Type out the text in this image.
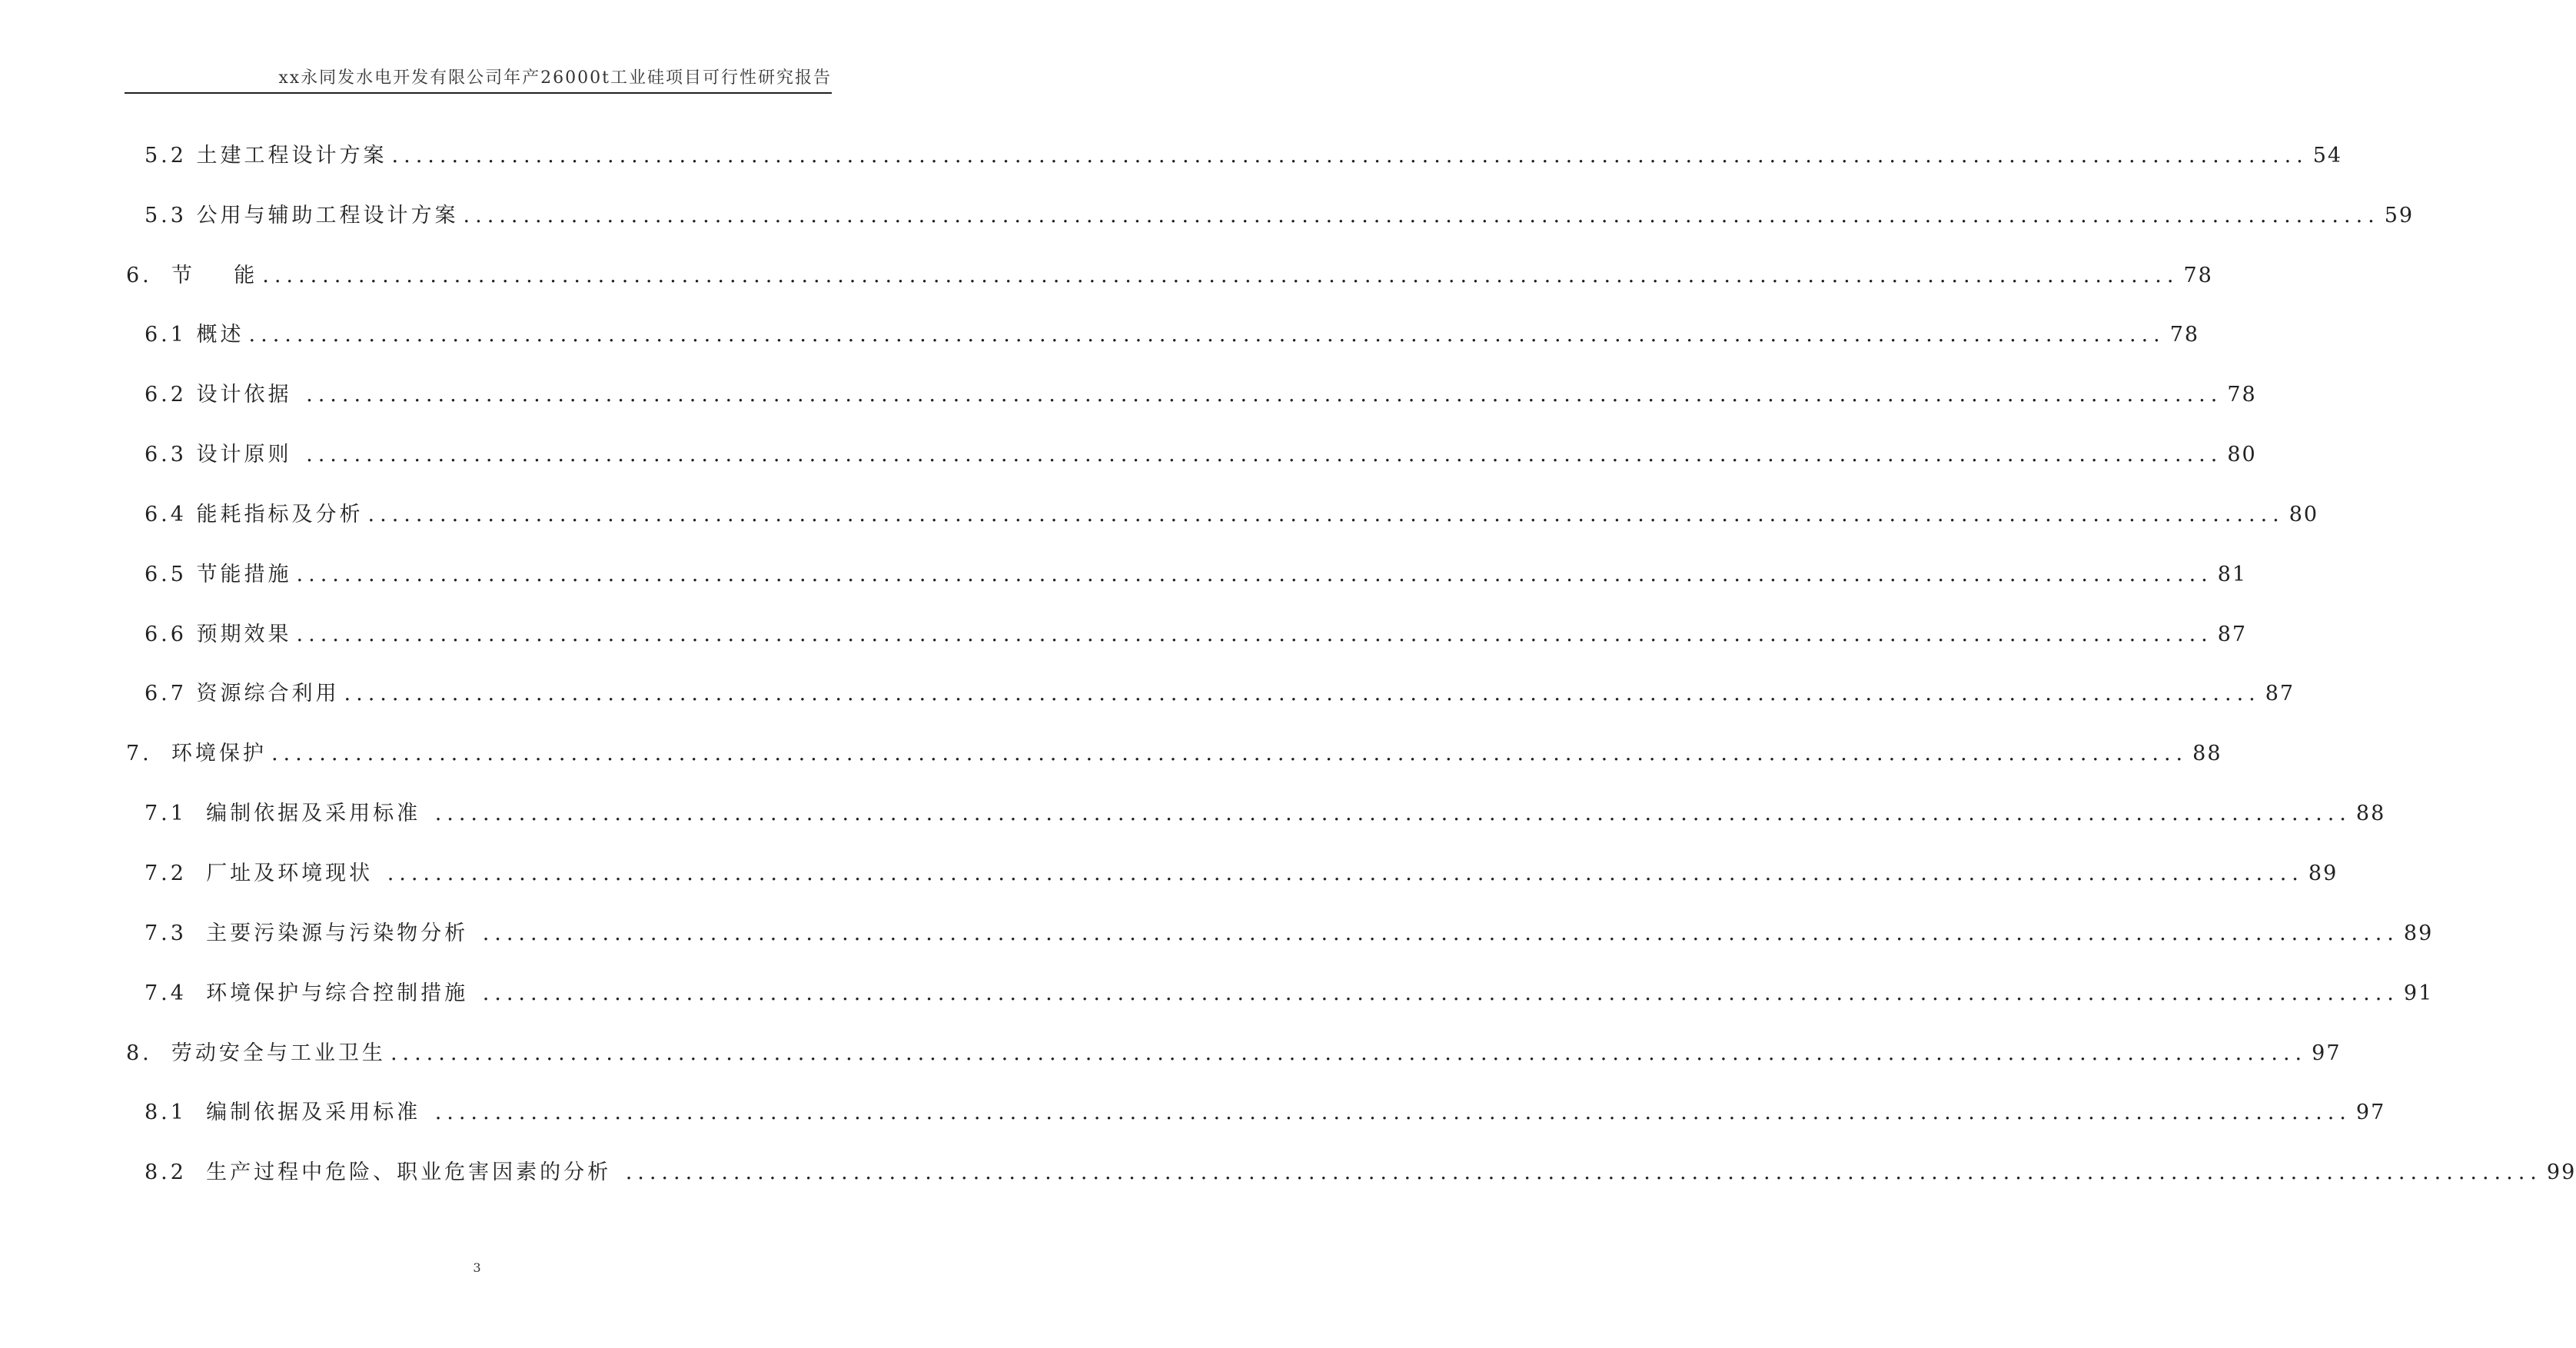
xx永同发水电开发有限公司年产26000t工业硅项目可行性研究报告
5.2 土建工程设计方案 ................................................................................................................................................................ 54
5.3 公用与辅助工程设计方案 ................................................................................................................................................................ 59
6.  节    能 ................................................................................................................................................................ 78
6.1 概述 ................................................................................................................................................................ 78
6.2 设计依据 ................................................................................................................................................................ 78
6.3 设计原则 ................................................................................................................................................................ 80
6.4 能耗指标及分析 ................................................................................................................................................................ 80
6.5 节能措施 ................................................................................................................................................................ 81
6.6 预期效果 ................................................................................................................................................................ 87
6.7 资源综合利用 ................................................................................................................................................................ 87
7.  环境保护 ................................................................................................................................................................ 88
7.1  编制依据及采用标准 ................................................................................................................................................................ 88
7.2  厂址及环境现状 ................................................................................................................................................................ 89
7.3  主要污染源与污染物分析 ................................................................................................................................................................ 89
7.4  环境保护与综合控制措施 ................................................................................................................................................................ 91
8.  劳动安全与工业卫生 ................................................................................................................................................................ 97
8.1  编制依据及采用标准 ................................................................................................................................................................ 97
8.2  生产过程中危险、职业危害因素的分析 ................................................................................................................................................................ 99
3
